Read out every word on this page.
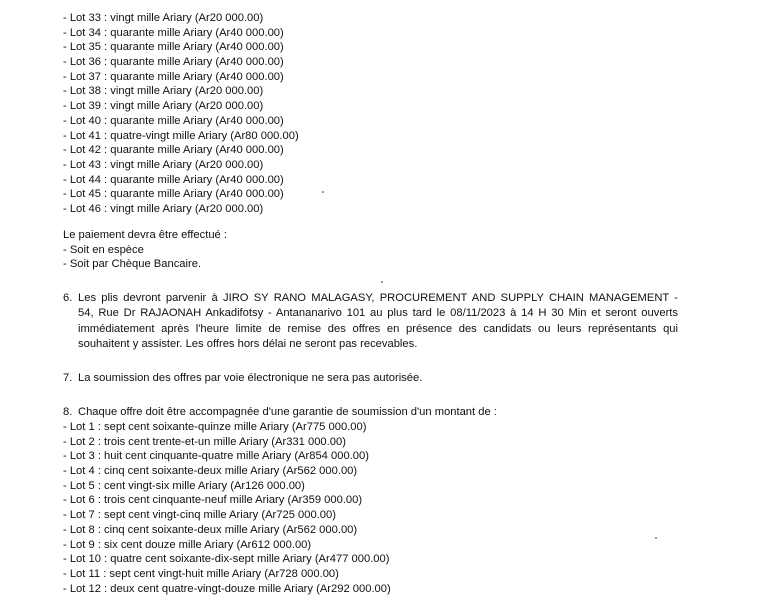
- Lot 33 : vingt mille Ariary (Ar20 000.00)
- Lot 34 : quarante mille Ariary (Ar40 000.00)
- Lot 35 : quarante mille Ariary (Ar40 000.00)
- Lot 36 : quarante mille Ariary (Ar40 000.00)
- Lot 37 : quarante mille Ariary (Ar40 000.00)
- Lot 38 : vingt mille Ariary (Ar20 000.00)
- Lot 39 : vingt mille Ariary (Ar20 000.00)
- Lot 40 : quarante mille Ariary (Ar40 000.00)
- Lot 41 : quatre-vingt mille Ariary (Ar80 000.00)
- Lot 42 : quarante mille Ariary (Ar40 000.00)
- Lot 43 : vingt mille Ariary (Ar20 000.00)
- Lot 44 : quarante mille Ariary (Ar40 000.00)
- Lot 45 : quarante mille Ariary (Ar40 000.00)
- Lot 46 : vingt mille Ariary (Ar20 000.00)
Le paiement devra être effectué :
- Soit en espèce
- Soit par Chèque Bancaire.
6. Les plis devront parvenir à JIRO SY RANO MALAGASY, PROCUREMENT AND SUPPLY CHAIN MANAGEMENT -
54, Rue Dr RAJAONAH Ankadifotsy - Antananarivo 101 au plus tard le 08/11/2023 à 14 H 30 Min et seront ouverts
immédiatement après l'heure limite de remise des offres en présence des candidats ou leurs représentants qui
souhaitent y assister. Les offres hors délai ne seront pas recevables.
7. La soumission des offres par voie électronique ne sera pas autorisée.
8. Chaque offre doit être accompagnée d'une garantie de soumission d'un montant de :
- Lot 1 : sept cent soixante-quinze mille Ariary (Ar775 000.00)
- Lot 2 : trois cent trente-et-un mille Ariary (Ar331 000.00)
- Lot 3 : huit cent cinquante-quatre mille Ariary (Ar854 000.00)
- Lot 4 : cinq cent soixante-deux mille Ariary (Ar562 000.00)
- Lot 5 : cent vingt-six mille Ariary (Ar126 000.00)
- Lot 6 : trois cent cinquante-neuf mille Ariary (Ar359 000.00)
- Lot 7 : sept cent vingt-cinq mille Ariary (Ar725 000.00)
- Lot 8 : cinq cent soixante-deux mille Ariary (Ar562 000.00)
- Lot 9 : six cent douze mille Ariary (Ar612 000.00)
- Lot 10 : quatre cent soixante-dix-sept mille Ariary (Ar477 000.00)
- Lot 11 : sept cent vingt-huit mille Ariary (Ar728 000.00)
- Lot 12 : deux cent quatre-vingt-douze mille Ariary (Ar292 000.00)
